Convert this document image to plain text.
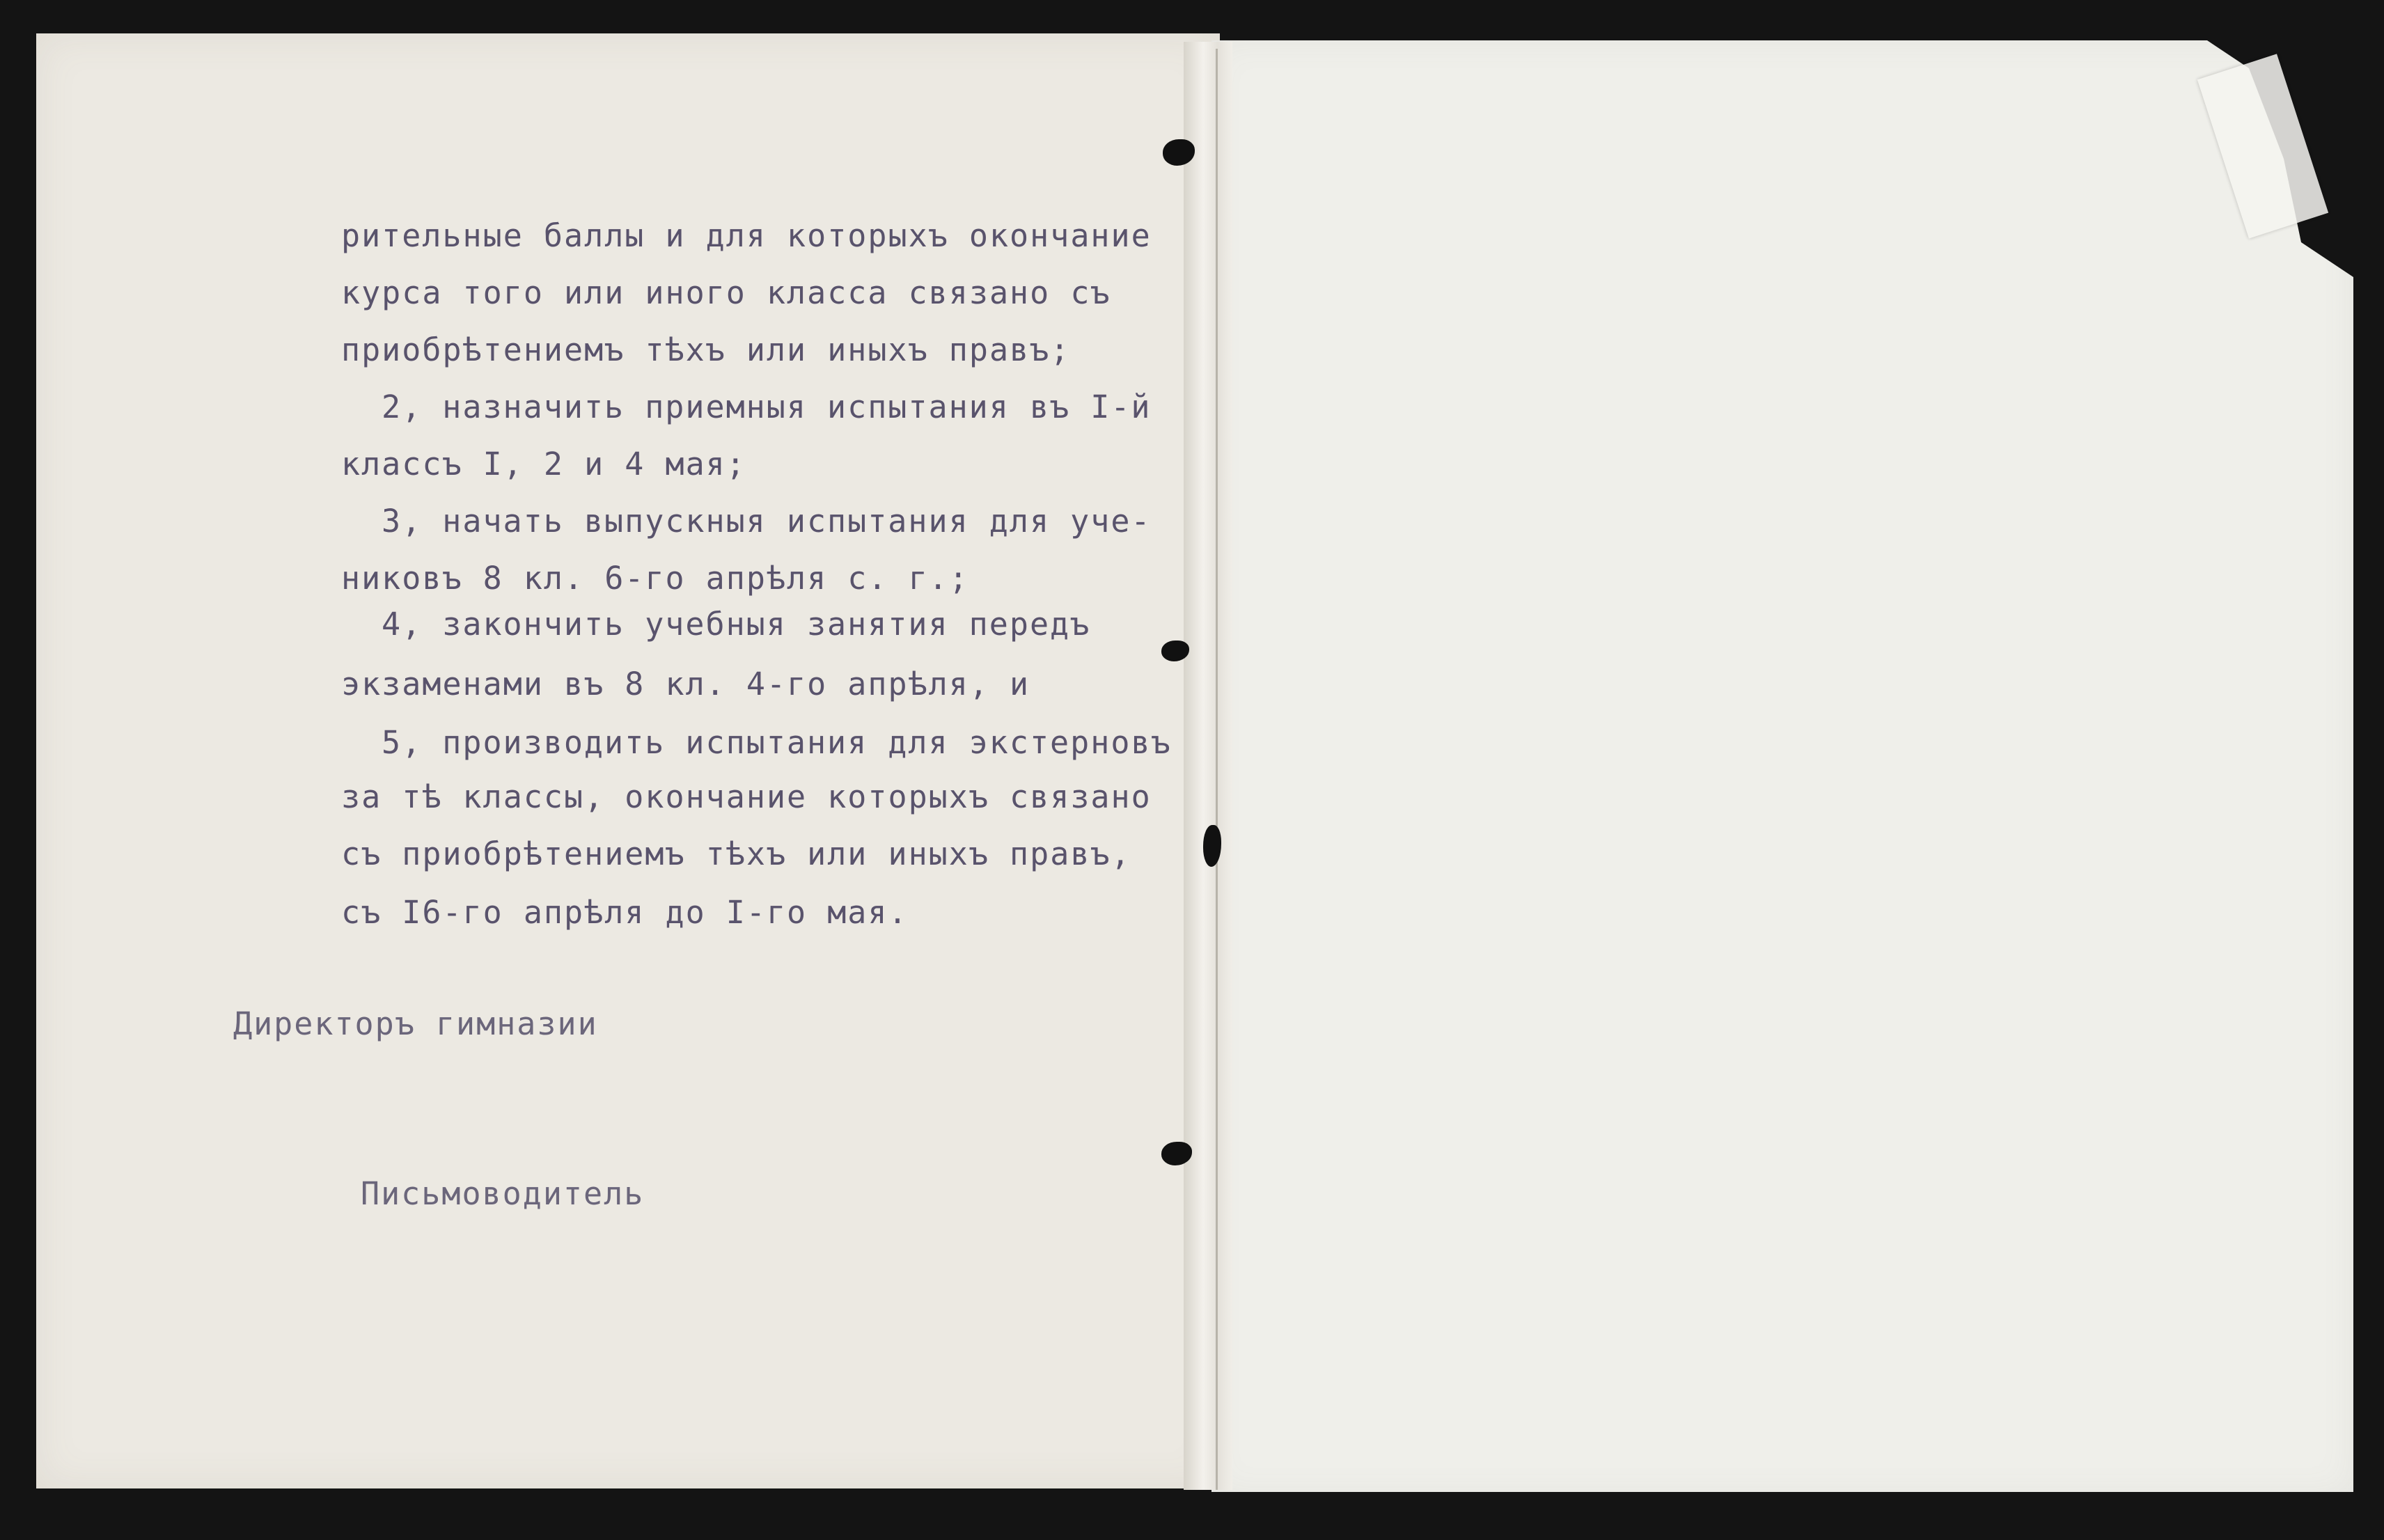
рительные баллы и для которыхъ окончание
курса того или иного класса связано съ
приобрѣтениемъ тѣхъ или иныхъ правъ;
2, назначить приемныя испытания въ I-й
классъ I, 2 и 4 мая;
3, начать выпускныя испытания для уче-
никовъ 8 кл. 6-го апрѣля с. г.;
4, закончить учебныя занятия передъ
экзаменами въ 8 кл. 4-го апрѣля, и
5, производить испытания для экстерновъ
за тѣ классы, окончание которыхъ связано
съ приобрѣтениемъ тѣхъ или иныхъ правъ,
съ I6-го апрѣля до I-го мая.
Директоръ гимназии
Письмоводитель
